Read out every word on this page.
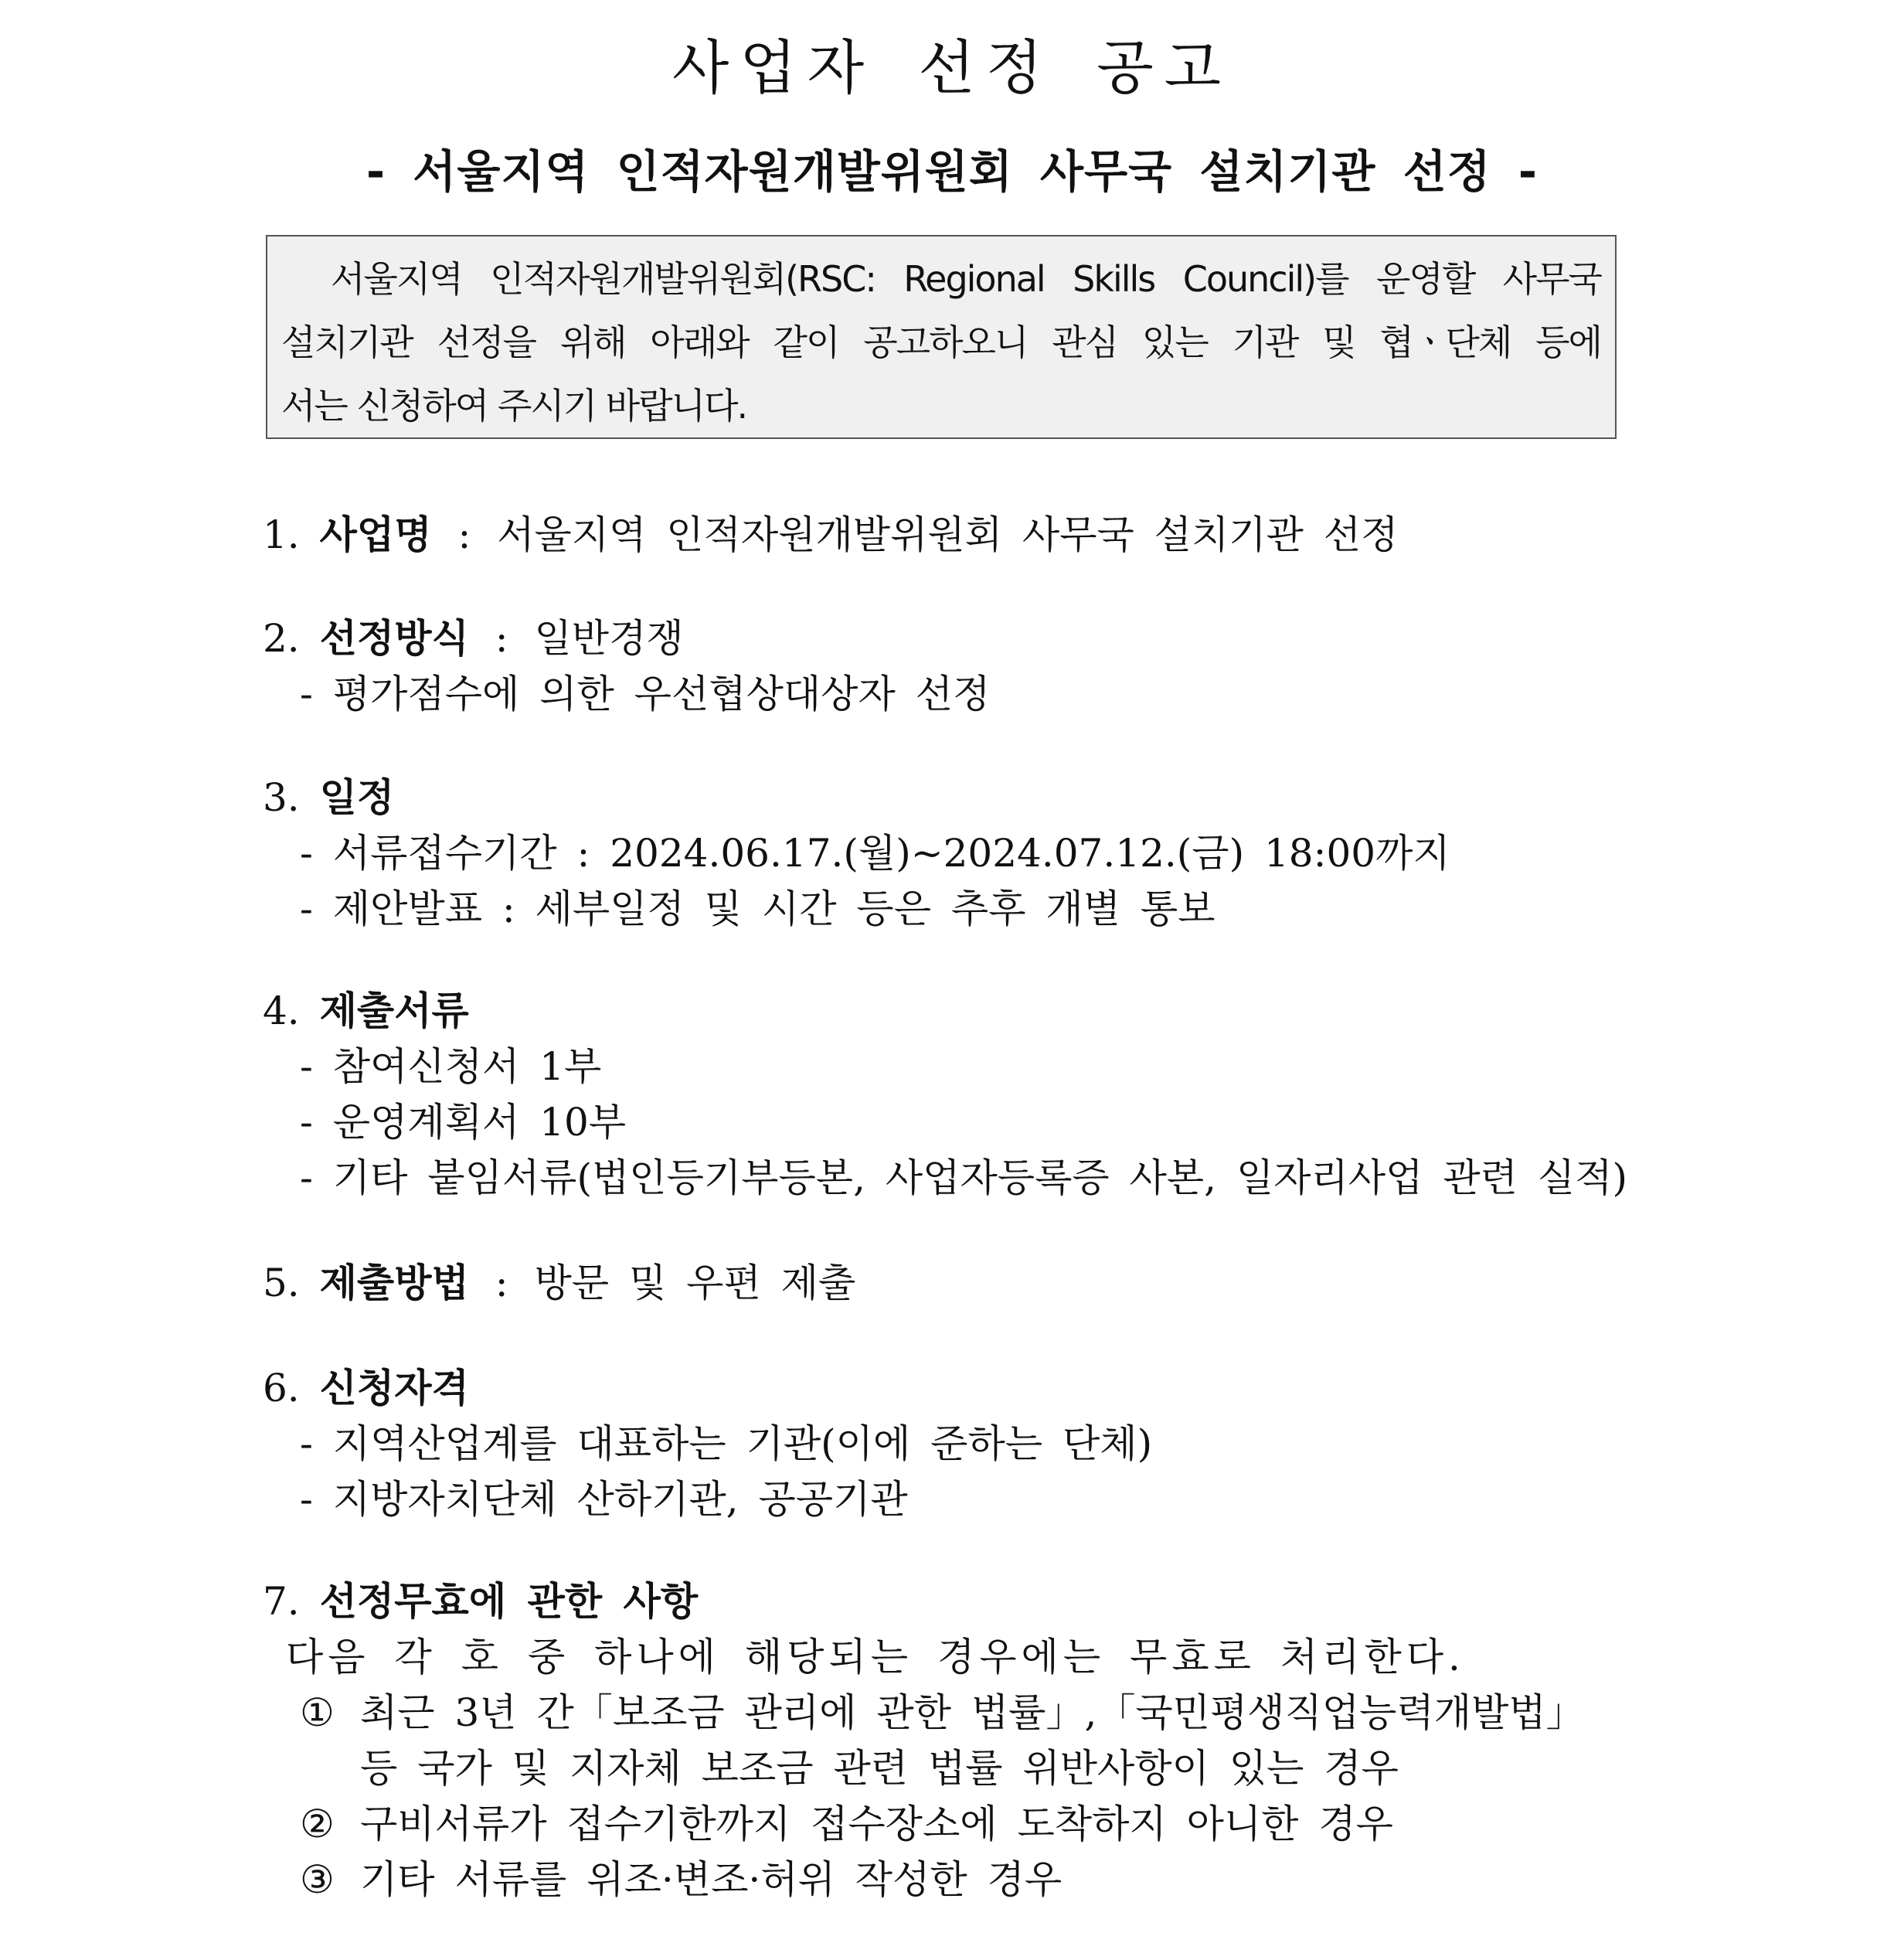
사업자 선정 공고
- 서울지역 인적자원개발위원회 사무국 설치기관 선정 -
서울지역 인적자원개발위원회(RSC: Regional Skills Council)를 운영할 사무국
설치기관 선정을 위해 아래와 같이 공고하오니 관심 있는 기관 및 협ㆍ단체 등에
서는 신청하여 주시기 바랍니다.
1. 사업명 : 서울지역 인적자원개발위원회 사무국 설치기관 선정
2. 선정방식 : 일반경쟁
- 평가점수에 의한 우선협상대상자 선정
3. 일정
- 서류접수기간 : 2024.06.17.(월)~2024.07.12.(금) 18:00까지
- 제안발표 : 세부일정 및 시간 등은 추후 개별 통보
4. 제출서류
- 참여신청서 1부
- 운영계획서 10부
- 기타 붙임서류(법인등기부등본, 사업자등록증 사본, 일자리사업 관련 실적)
5. 제출방법 : 방문 및 우편 제출
6. 신청자격
- 지역산업계를 대표하는 기관(이에 준하는 단체)
- 지방자치단체 산하기관, 공공기관
7. 선정무효에 관한 사항
다음 각 호 중 하나에 해당되는 경우에는 무효로 처리한다.
① 최근 3년 간「보조금 관리에 관한 법률」,「국민평생직업능력개발법」
등 국가 및 지자체 보조금 관련 법률 위반사항이 있는 경우
② 구비서류가 접수기한까지 접수장소에 도착하지 아니한 경우
③ 기타 서류를 위조·변조·허위 작성한 경우
